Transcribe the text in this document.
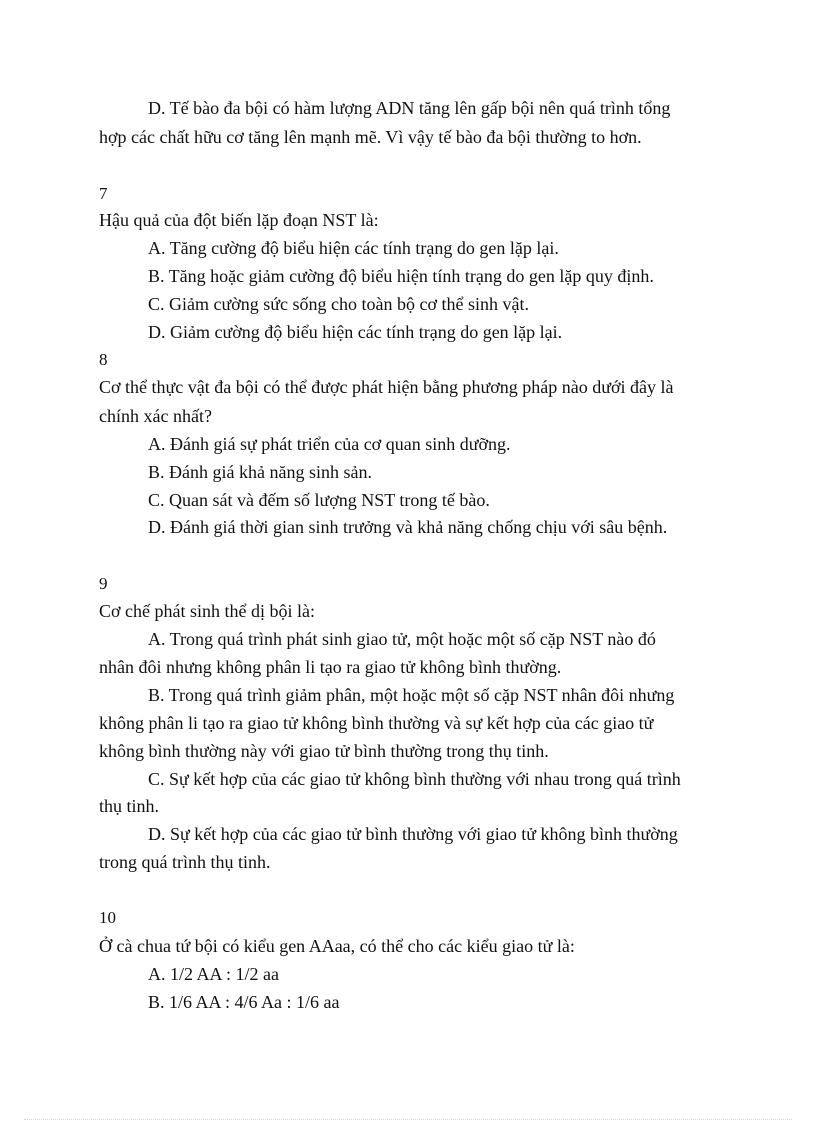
D. Tế bào đa bội có hàm lượng ADN tăng lên gấp bội nên quá trình tổng
hợp các chất hữu cơ tăng lên mạnh mẽ. Vì vậy tế bào đa bội thường to hơn.
7
Hậu quả của đột biến lặp đoạn NST là:
A. Tăng cường độ biểu hiện các tính trạng do gen lặp lại.
B. Tăng hoặc giảm cường độ biểu hiện tính trạng do gen lặp quy định.
C. Giảm cường sức sống cho toàn bộ cơ thể sinh vật.
D. Giảm cường độ biểu hiện các tính trạng do gen lặp lại.
8
Cơ thể thực vật đa bội có thể được phát hiện bằng phương pháp nào dưới đây là
chính xác nhất?
A. Đánh giá sự phát triển của cơ quan sinh dưỡng.
B. Đánh giá khả năng sinh sản.
C. Quan sát và đếm số lượng NST trong tế bào.
D. Đánh giá thời gian sinh trưởng và khả năng chống chịu với sâu bệnh.
9
Cơ chế phát sinh thể dị bội là:
A. Trong quá trình phát sinh giao tử, một hoặc một số cặp NST nào đó
nhân đôi nhưng không phân li tạo ra giao tử không bình thường.
B. Trong quá trình giảm phân, một hoặc một số cặp NST nhân đôi nhưng
không phân li tạo ra giao tử không bình thường và sự kết hợp của các giao tử
không bình thường này với giao tử bình thường trong thụ tinh.
C. Sự kết hợp của các giao tử không bình thường với nhau trong quá trình
thụ tinh.
D. Sự kết hợp của các giao tử bình thường với giao tử không bình thường
trong quá trình thụ tinh.
10
Ở cà chua tứ bội có kiểu gen AAaa, có thể cho các kiểu giao tử là:
A. 1/2 AA : 1/2 aa
B. 1/6 AA : 4/6 Aa : 1/6 aa
